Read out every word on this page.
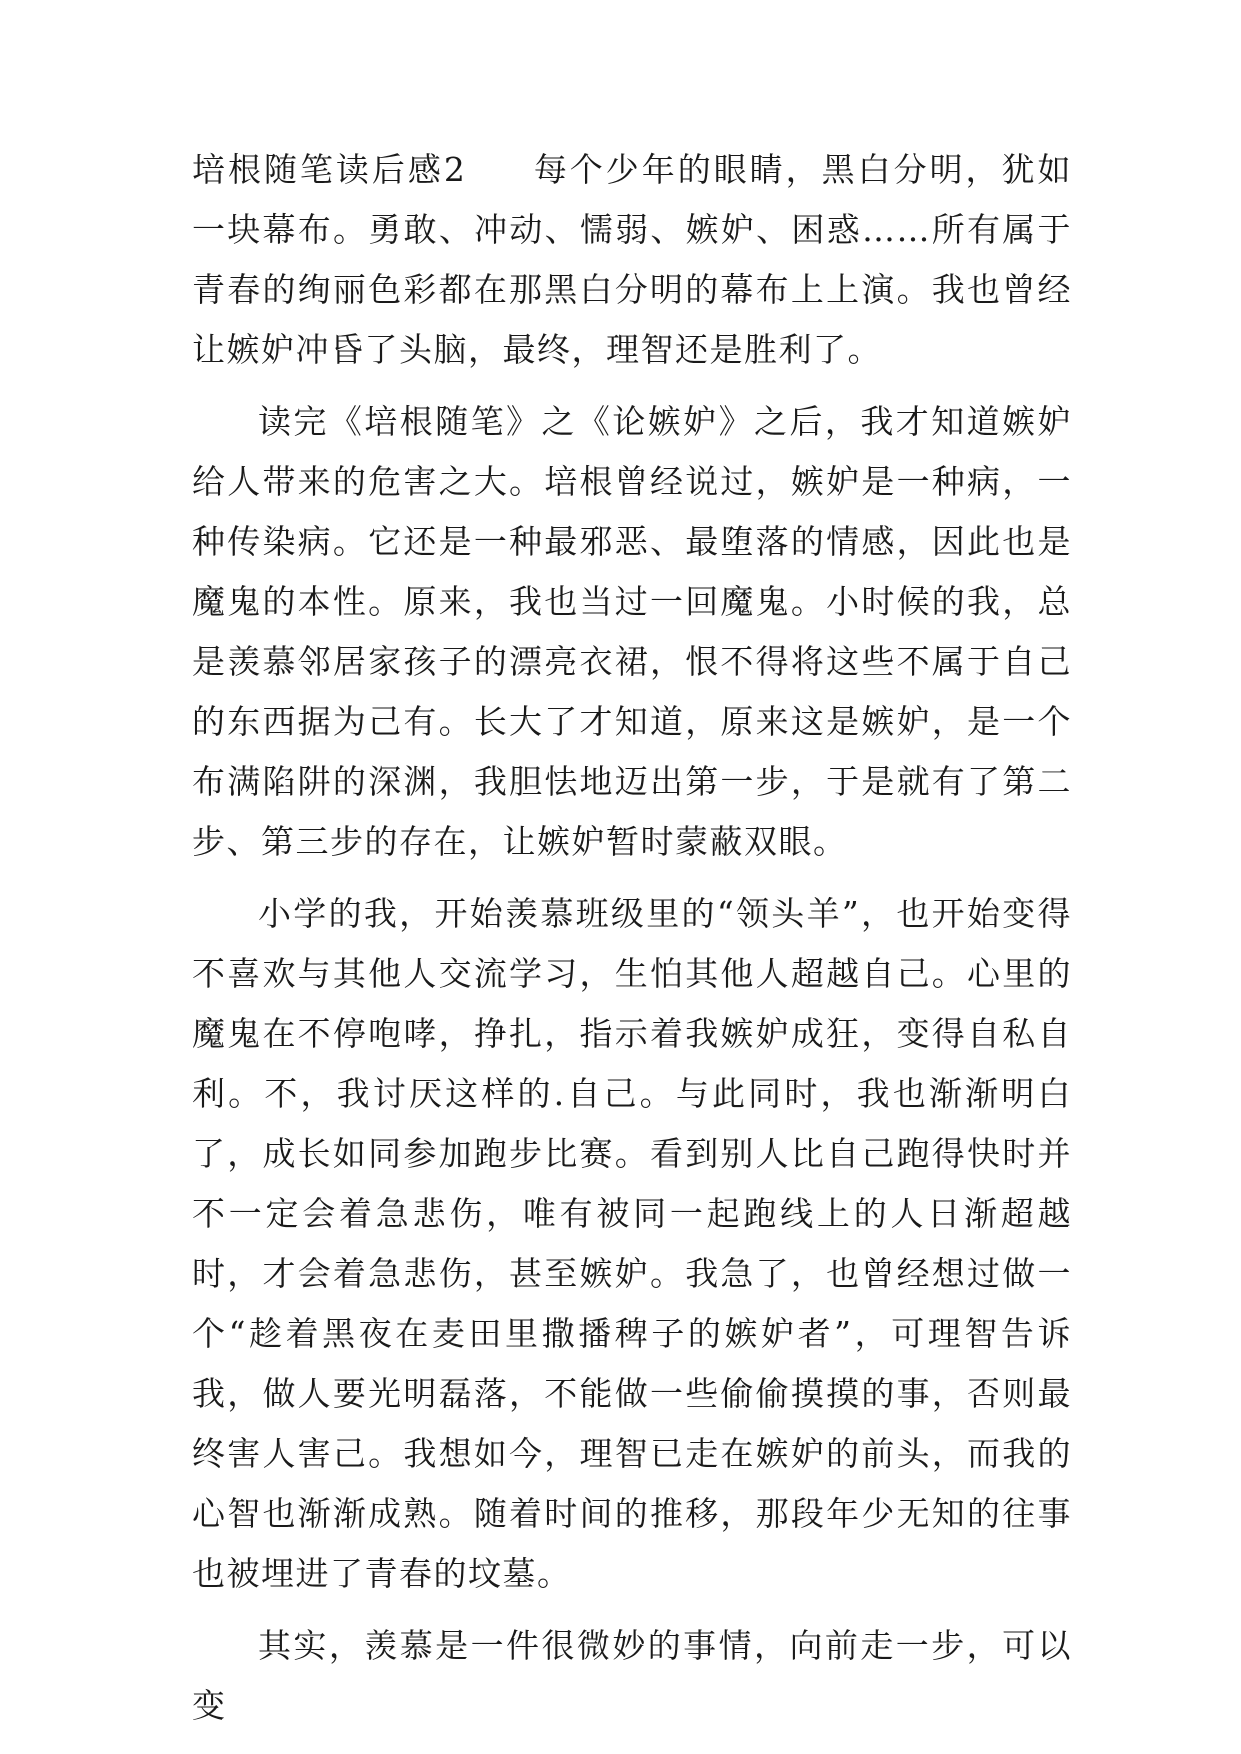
培根随笔读后感2 每个少年的眼睛，黑白分明，犹如一块幕布。勇敢、冲动、懦弱、嫉妒、困惑……所有属于青春的绚丽色彩都在那黑白分明的幕布上上演。我也曾经让嫉妒冲昏了头脑，最终，理智还是胜利了。

读完《培根随笔》之《论嫉妒》之后，我才知道嫉妒给人带来的危害之大。培根曾经说过，嫉妒是一种病，一种传染病。它还是一种最邪恶、最堕落的情感，因此也是魔鬼的本性。原来，我也当过一回魔鬼。小时候的我，总是羡慕邻居家孩子的漂亮衣裙，恨不得将这些不属于自己的东西据为己有。长大了才知道，原来这是嫉妒，是一个布满陷阱的深渊，我胆怯地迈出第一步，于是就有了第二步、第三步的存在，让嫉妒暂时蒙蔽双眼。

小学的我，开始羡慕班级里的“领头羊”，也开始变得不喜欢与其他人交流学习，生怕其他人超越自己。心里的魔鬼在不停咆哮，挣扎，指示着我嫉妒成狂，变得自私自利。不，我讨厌这样的.自己。与此同时，我也渐渐明白了，成长如同参加跑步比赛。看到别人比自己跑得快时并不一定会着急悲伤，唯有被同一起跑线上的人日渐超越时，才会着急悲伤，甚至嫉妒。我急了，也曾经想过做一个“趁着黑夜在麦田里撒播稗子的嫉妒者”，可理智告诉我，做人要光明磊落，不能做一些偷偷摸摸的事，否则最终害人害己。我想如今，理智已走在嫉妒的前头，而我的心智也渐渐成熟。随着时间的推移，那段年少无知的往事也被埋进了青春的坟墓。

其实，羡慕是一件很微妙的事情，向前走一步，可以变
